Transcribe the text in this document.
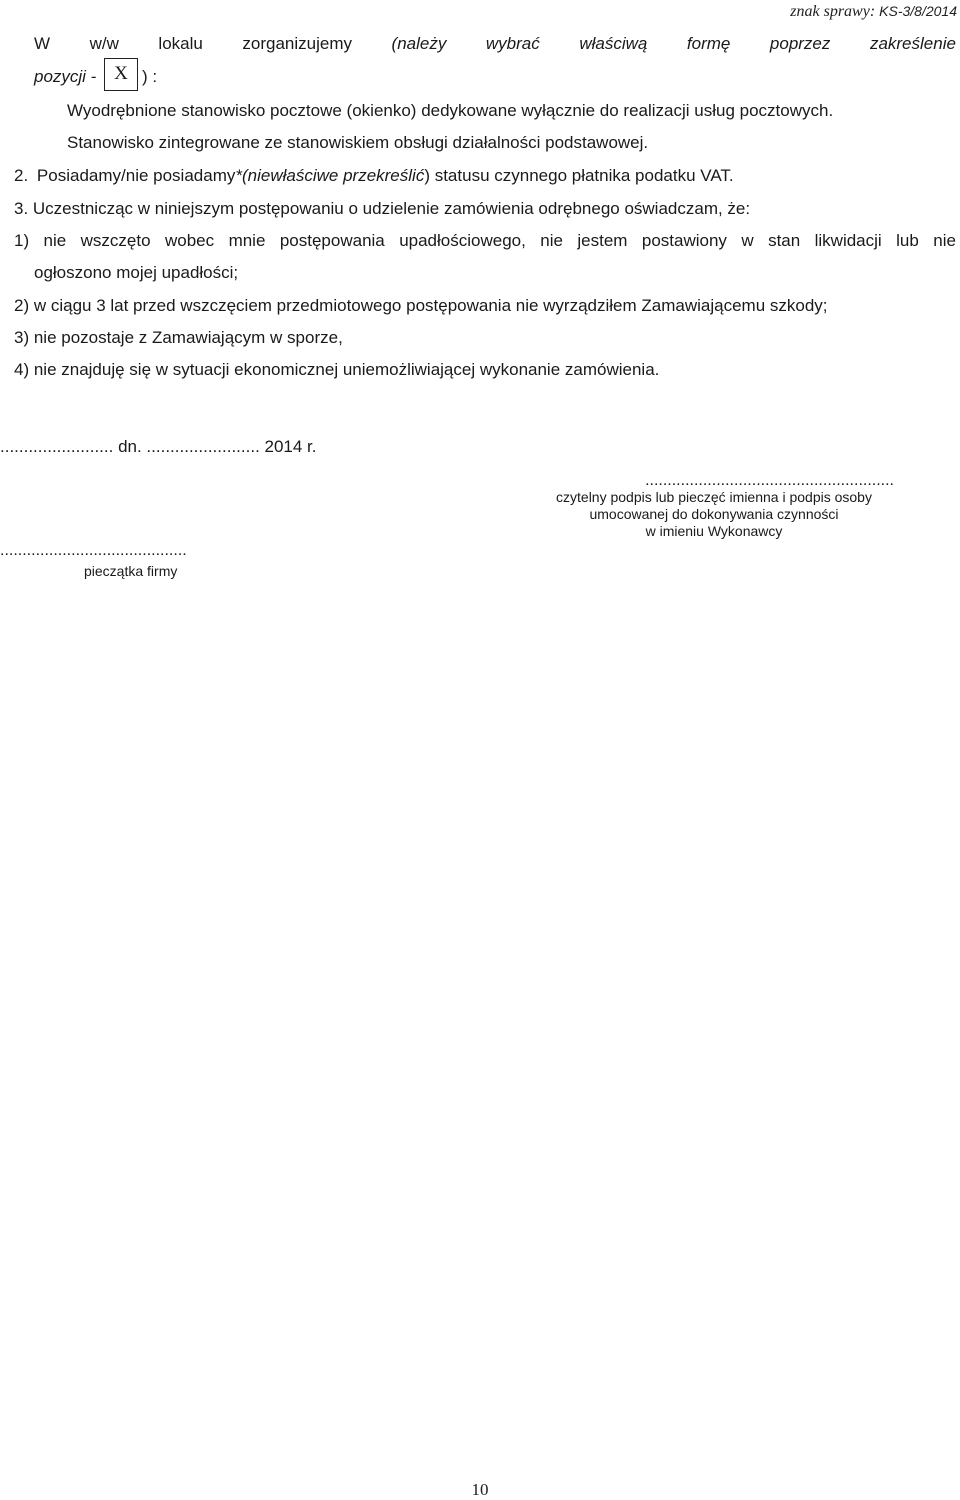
znak sprawy: KS-3/8/2014
W w/w lokalu zorganizujemy (należy wybrać właściwą formę poprzez zakreślenie
pozycji - X ) :
Wyodrębnione stanowisko pocztowe (okienko) dedykowane wyłącznie do realizacji usług pocztowych.
Stanowisko zintegrowane ze stanowiskiem obsługi działalności podstawowej.
2. Posiadamy/nie posiadamy*(niewłaściwe przekreślić) statusu czynnego płatnika podatku VAT.
3. Uczestnicząc w niniejszym postępowaniu o udzielenie zamówienia odrębnego oświadczam, że:
1) nie wszczęto wobec mnie postępowania upadłościowego, nie jestem postawiony w stan likwidacji lub nie
ogłoszono mojej upadłości;
2) w ciągu 3 lat przed wszczęciem przedmiotowego postępowania nie wyrządziłem Zamawiającemu szkody;
3) nie pozostaje z Zamawiającym w sporze,
4) nie znajduję się w sytuacji ekonomicznej uniemożliwiającej wykonanie zamówienia.
........................ dn. ........................ 2014 r.
........................................................
czytelny podpis lub pieczęć imienna i podpis osoby
umocowanej do dokonywania czynności
w imieniu Wykonawcy
..........................................
pieczątka firmy
10
